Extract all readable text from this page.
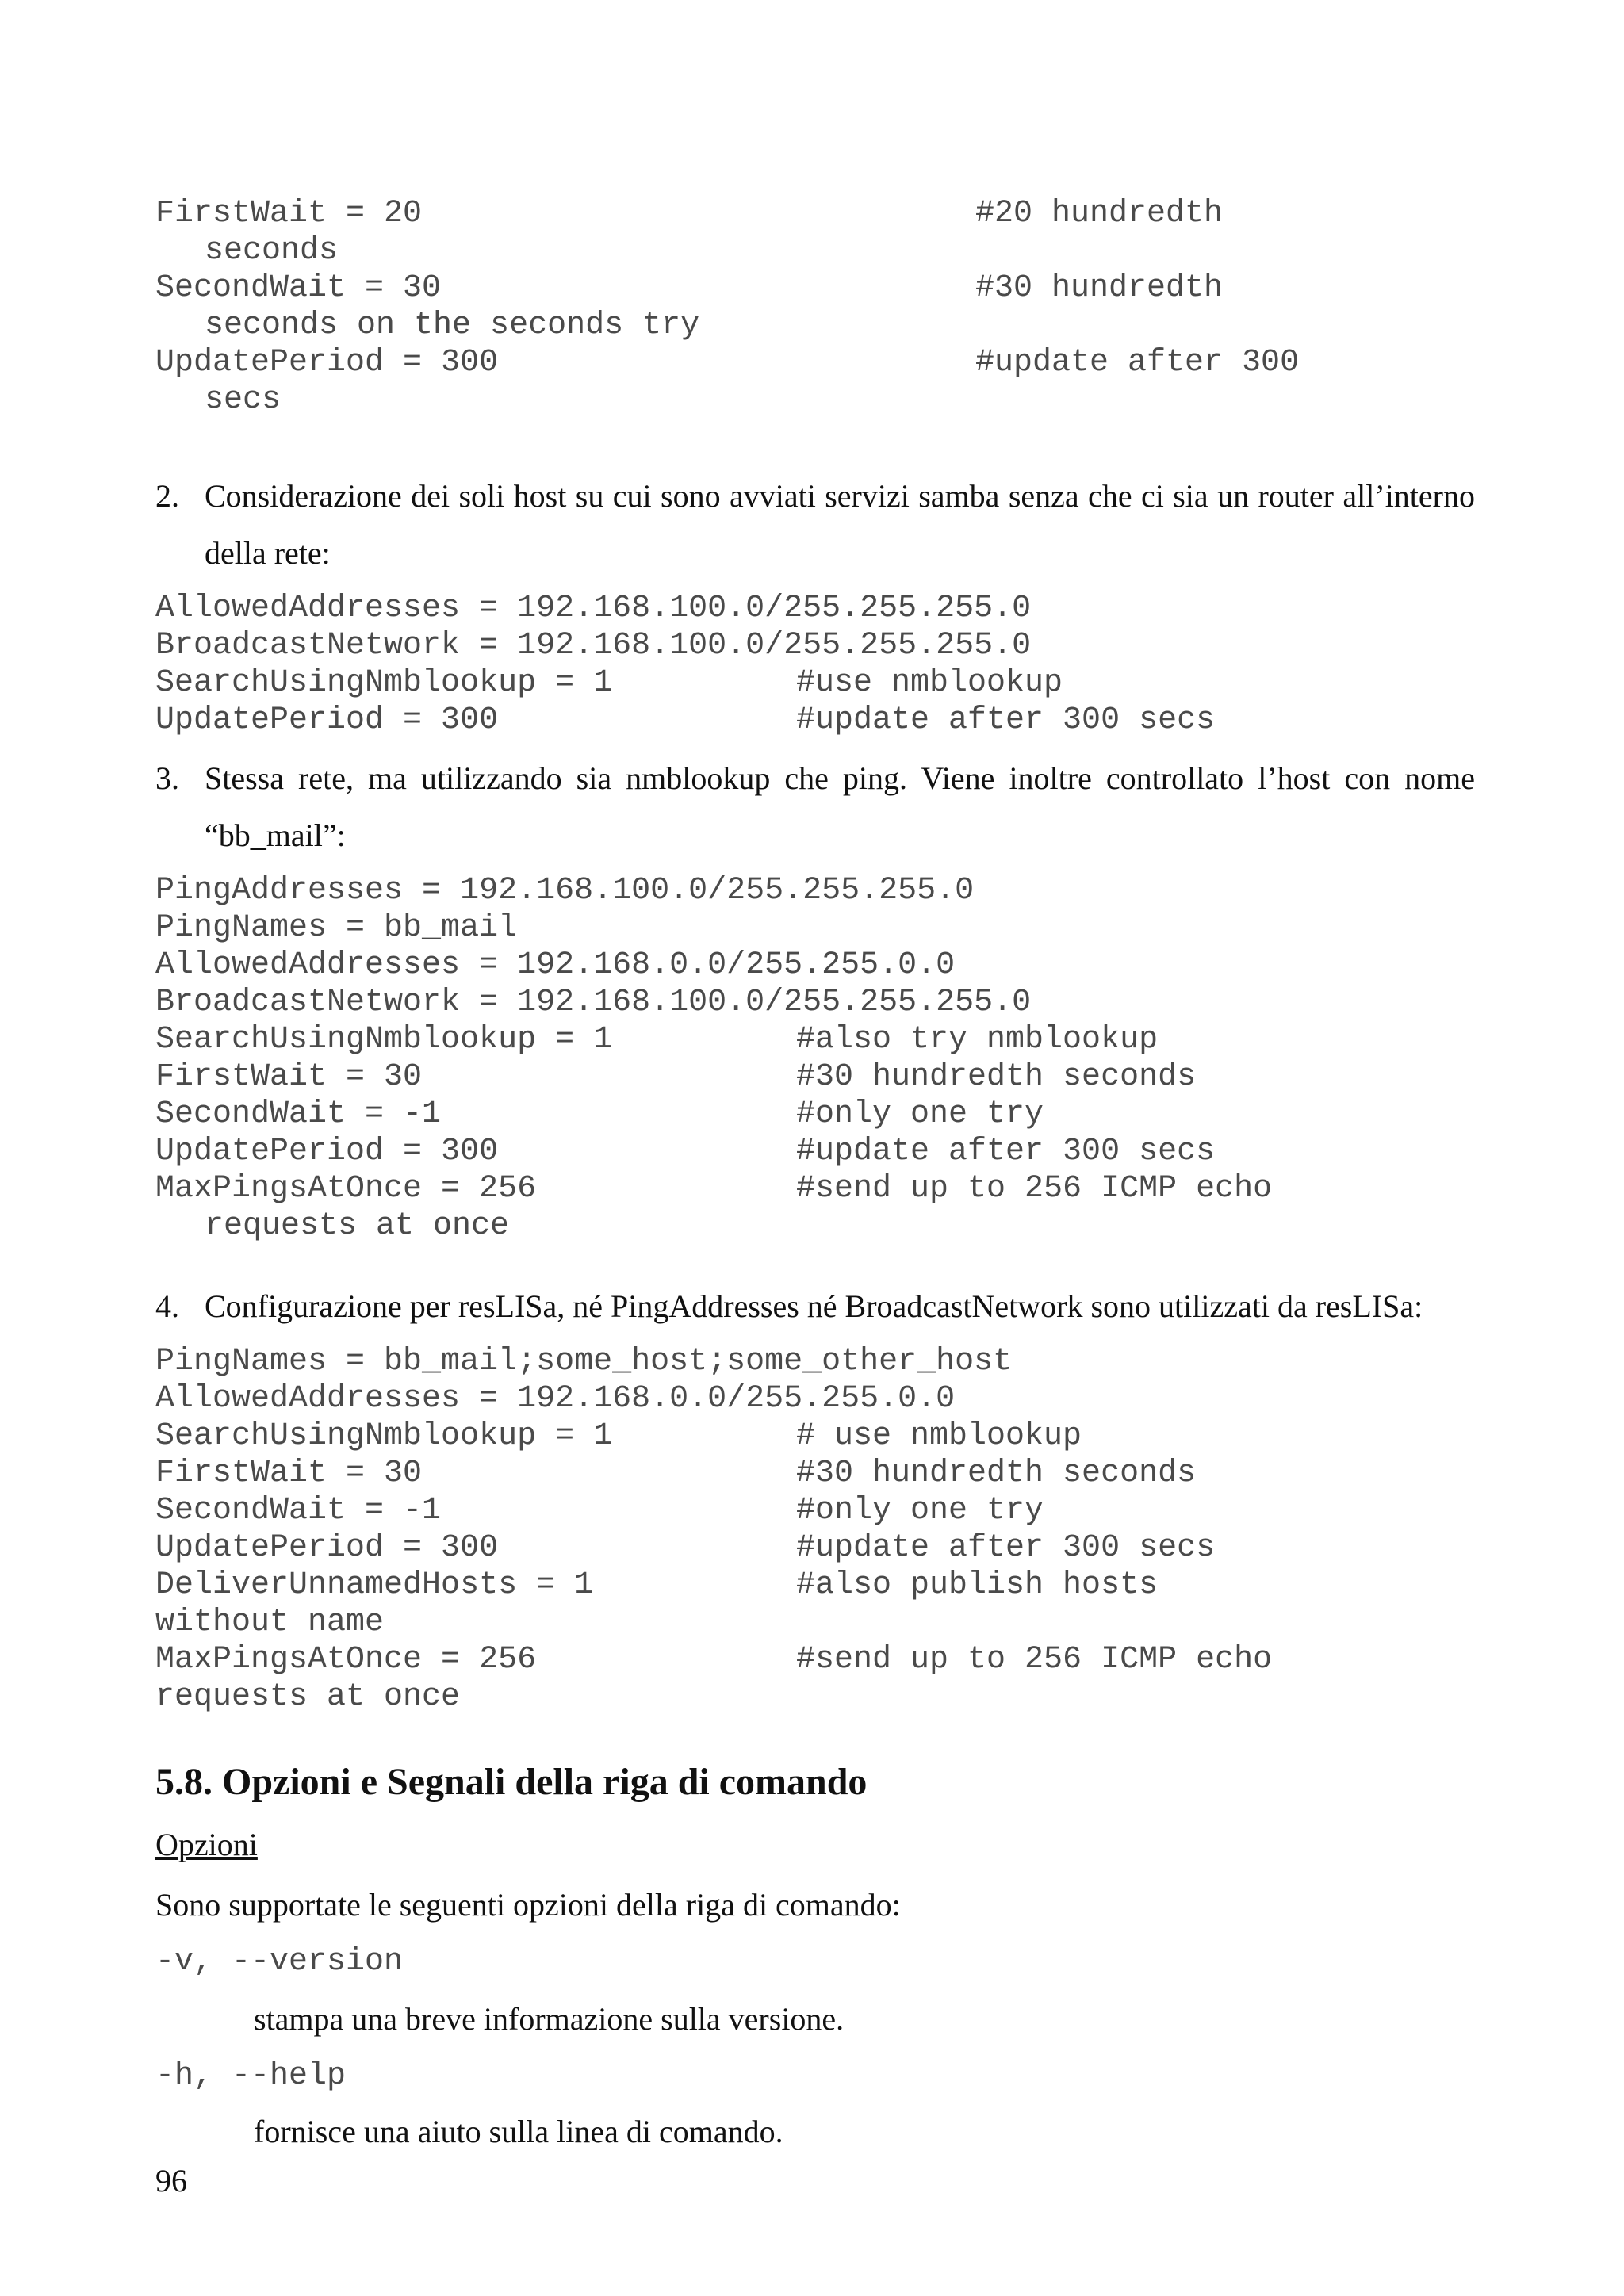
FirstWait = 20	#20 hundredth
seconds
SecondWait = 30	#30 hundredth
seconds on the seconds try
UpdatePeriod = 300	#update after 300
secs
2. Considerazione dei soli host su cui sono avviati servizi samba senza che ci sia un router all’interno della rete:
AllowedAddresses = 192.168.100.0/255.255.255.0
BroadcastNetwork = 192.168.100.0/255.255.255.0
SearchUsingNmblookup = 1	#use nmblookup
UpdatePeriod = 300	#update after 300 secs
3. Stessa rete, ma utilizzando sia nmblookup che ping. Viene inoltre controllato l’host con nome “bb_mail”:
PingAddresses = 192.168.100.0/255.255.255.0
PingNames = bb_mail
AllowedAddresses = 192.168.0.0/255.255.0.0
BroadcastNetwork = 192.168.100.0/255.255.255.0
SearchUsingNmblookup = 1	#also try nmblookup
FirstWait = 30	#30 hundredth seconds
SecondWait = -1	#only one try
UpdatePeriod = 300	#update after 300 secs
MaxPingsAtOnce = 256	#send up to 256 ICMP echo
requests at once
4. Configurazione per resLISa, né PingAddresses né BroadcastNetwork sono utilizzati da resLISa:
PingNames = bb_mail;some_host;some_other_host
AllowedAddresses = 192.168.0.0/255.255.0.0
SearchUsingNmblookup = 1	# use nmblookup
FirstWait = 30	#30 hundredth seconds
SecondWait = -1	#only one try
UpdatePeriod = 300	#update after 300 secs
DeliverUnnamedHosts = 1	#also publish hosts
without name
MaxPingsAtOnce = 256	#send up to 256 ICMP echo
requests at once
5.8. Opzioni e Segnali della riga di comando
Opzioni
Sono supportate le seguenti opzioni della riga di comando:
-v, --version
stampa una breve informazione sulla versione.
-h, --help
fornisce una aiuto sulla linea di comando.
96
